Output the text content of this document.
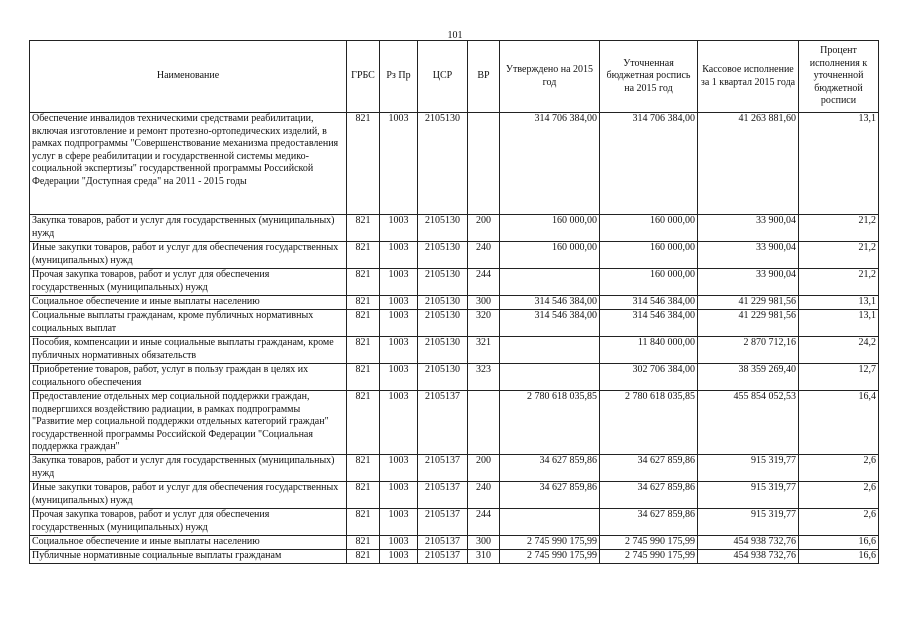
101
Наименование	ГРБС	Рз Пр	ЦСР	ВР	Утверждено на 2015 год	Уточненная бюджетная роспись на 2015 год	Кассовое исполнение за 1 квартал 2015 года	Процент исполнения к уточненной бюджетной росписи
Обеспечение инвалидов техническими средствами реабилитации, включая изготовление и ремонт протезно-ортопедических изделий, в рамках подпрограммы "Совершенствование механизма предоставления услуг в сфере реабилитации и государственной системы медико-социальной экспертизы" государственной программы Российской Федерации "Доступная среда" на 2011 - 2015 годы	821	1003	2105130		314 706 384,00	314 706 384,00	41 263 881,60	13,1
Закупка товаров, работ и услуг для государственных (муниципальных) нужд	821	1003	2105130	200	160 000,00	160 000,00	33 900,04	21,2
Иные закупки товаров, работ и услуг для обеспечения государственных (муниципальных) нужд	821	1003	2105130	240	160 000,00	160 000,00	33 900,04	21,2
Прочая закупка товаров, работ и услуг для обеспечения государственных (муниципальных) нужд	821	1003	2105130	244		160 000,00	33 900,04	21,2
Социальное обеспечение и иные выплаты населению	821	1003	2105130	300	314 546 384,00	314 546 384,00	41 229 981,56	13,1
Социальные выплаты гражданам, кроме публичных нормативных социальных выплат	821	1003	2105130	320	314 546 384,00	314 546 384,00	41 229 981,56	13,1
Пособия, компенсации и иные социальные выплаты гражданам, кроме публичных нормативных обязательств	821	1003	2105130	321		11 840 000,00	2 870 712,16	24,2
Приобретение товаров, работ, услуг в пользу граждан в целях их социального обеспечения	821	1003	2105130	323		302 706 384,00	38 359 269,40	12,7
Предоставление отдельных мер социальной поддержки граждан, подвергшихся воздействию радиации, в рамках подпрограммы "Развитие мер социальной поддержки отдельных категорий граждан" государственной программы Российской Федерации "Социальная поддержка граждан"	821	1003	2105137		2 780 618 035,85	2 780 618 035,85	455 854 052,53	16,4
Закупка товаров, работ и услуг для государственных (муниципальных) нужд	821	1003	2105137	200	34 627 859,86	34 627 859,86	915 319,77	2,6
Иные закупки товаров, работ и услуг для обеспечения государственных (муниципальных) нужд	821	1003	2105137	240	34 627 859,86	34 627 859,86	915 319,77	2,6
Прочая закупка товаров, работ и услуг для обеспечения государственных (муниципальных) нужд	821	1003	2105137	244		34 627 859,86	915 319,77	2,6
Социальное обеспечение и иные выплаты населению	821	1003	2105137	300	2 745 990 175,99	2 745 990 175,99	454 938 732,76	16,6
Публичные нормативные социальные выплаты гражданам	821	1003	2105137	310	2 745 990 175,99	2 745 990 175,99	454 938 732,76	16,6
